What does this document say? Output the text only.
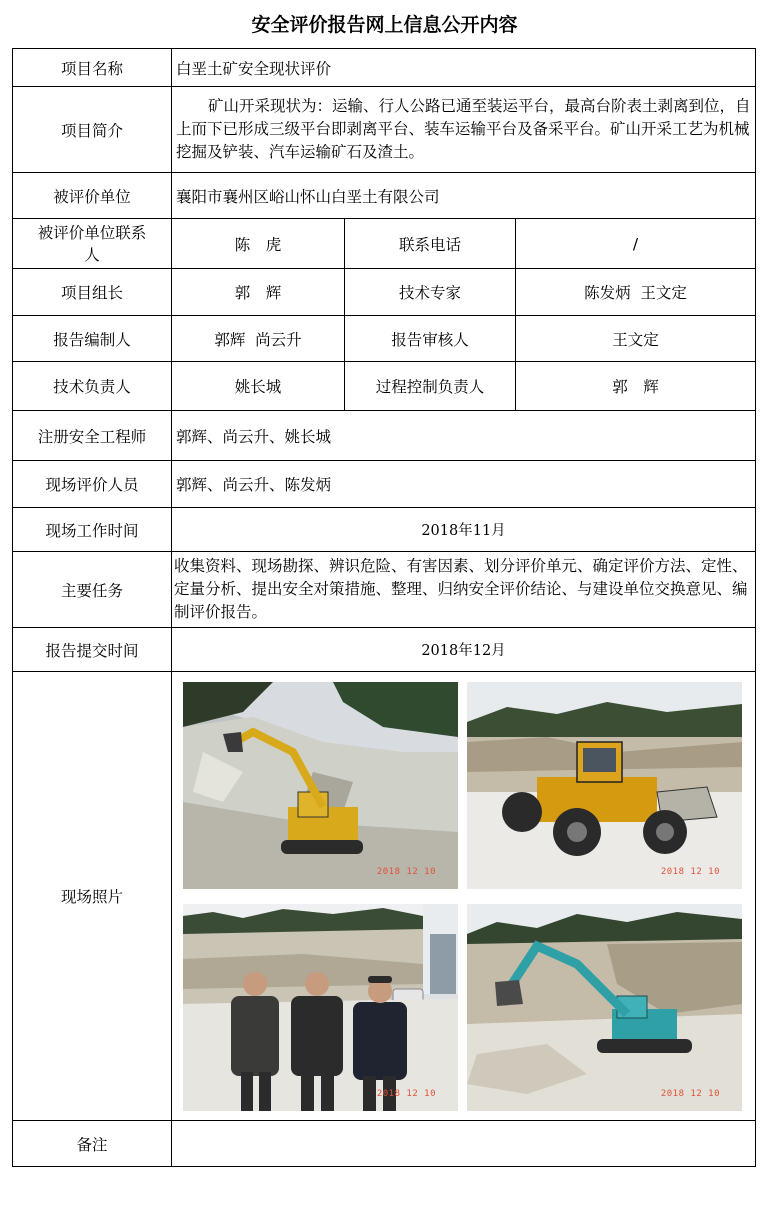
安全评价报告网上信息公开内容
项目名称	白垩土矿安全现状评价		
项目简介	矿山开采现状为：运输、行人公路已通至装运平台，最高台阶表土剥离到位，自上而下已形成三级平台即剥离平台、装车运输平台及备采平台。矿山开采工艺为机械挖掘及铲装、汽车运输矿石及渣土。		
被评价单位	襄阳市襄州区峪山怀山白垩土有限公司		
被评价单位联系人	陈　虎	联系电话	/
项目组长	郭　辉	技术专家	陈发炳  王文定
报告编制人	郭辉  尚云升	报告审核人	王文定
技术负责人	姚长城	过程控制负责人	郭　辉
注册安全工程师	郭辉、尚云升、姚长城		
现场评价人员	郭辉、尚云升、陈发炳		
现场工作时间	2018年11月		
主要任务	收集资料、现场勘探、辨识危险、有害因素、划分评价单元、确定评价方法、定性、定量分析、提出安全对策措施、整理、归纳安全评价结论、与建设单位交换意见、编制评价报告。		
报告提交时间	2018年12月		
现场照片	2018 12 10 2018 12 10
2018 12 10 2018 12 10		

备注			
